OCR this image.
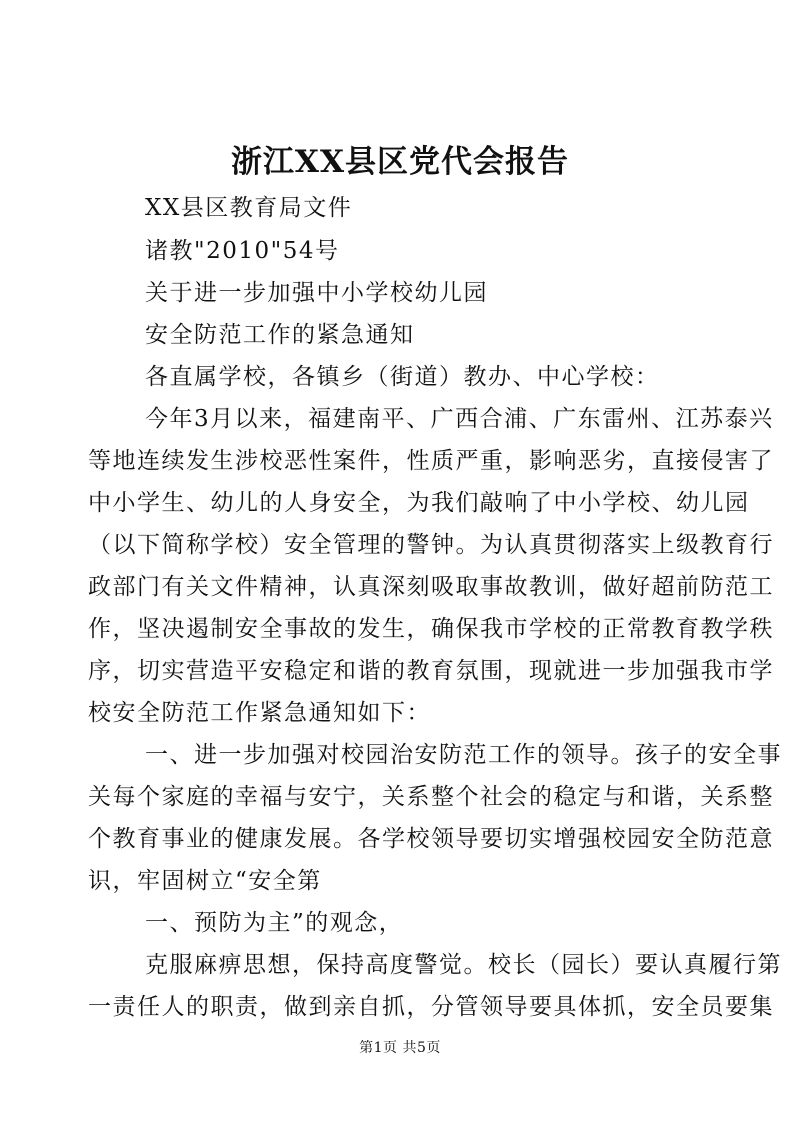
浙江XX县区党代会报告
XX县区教育局文件
诸教"2010"54号
关于进一步加强中小学校幼儿园
安全防范工作的紧急通知
各直属学校，各镇乡（街道）教办、中心学校：
今年3月以来，福建南平、广西合浦、广东雷州、江苏泰兴
等地连续发生涉校恶性案件，性质严重，影响恶劣，直接侵害了
中小学生、幼儿的人身安全，为我们敲响了中小学校、幼儿园
（以下简称学校）安全管理的警钟。为认真贯彻落实上级教育行
政部门有关文件精神，认真深刻吸取事故教训，做好超前防范工
作，坚决遏制安全事故的发生，确保我市学校的正常教育教学秩
序，切实营造平安稳定和谐的教育氛围，现就进一步加强我市学
校安全防范工作紧急通知如下：
一、进一步加强对校园治安防范工作的领导。孩子的安全事
关每个家庭的幸福与安宁，关系整个社会的稳定与和谐，关系整
个教育事业的健康发展。各学校领导要切实增强校园安全防范意
识，牢固树立“安全第
一、预防为主”的观念，
克服麻痹思想，保持高度警觉。校长（园长）要认真履行第
一责任人的职责，做到亲自抓，分管领导要具体抓，安全员要集
第1页 共5页
